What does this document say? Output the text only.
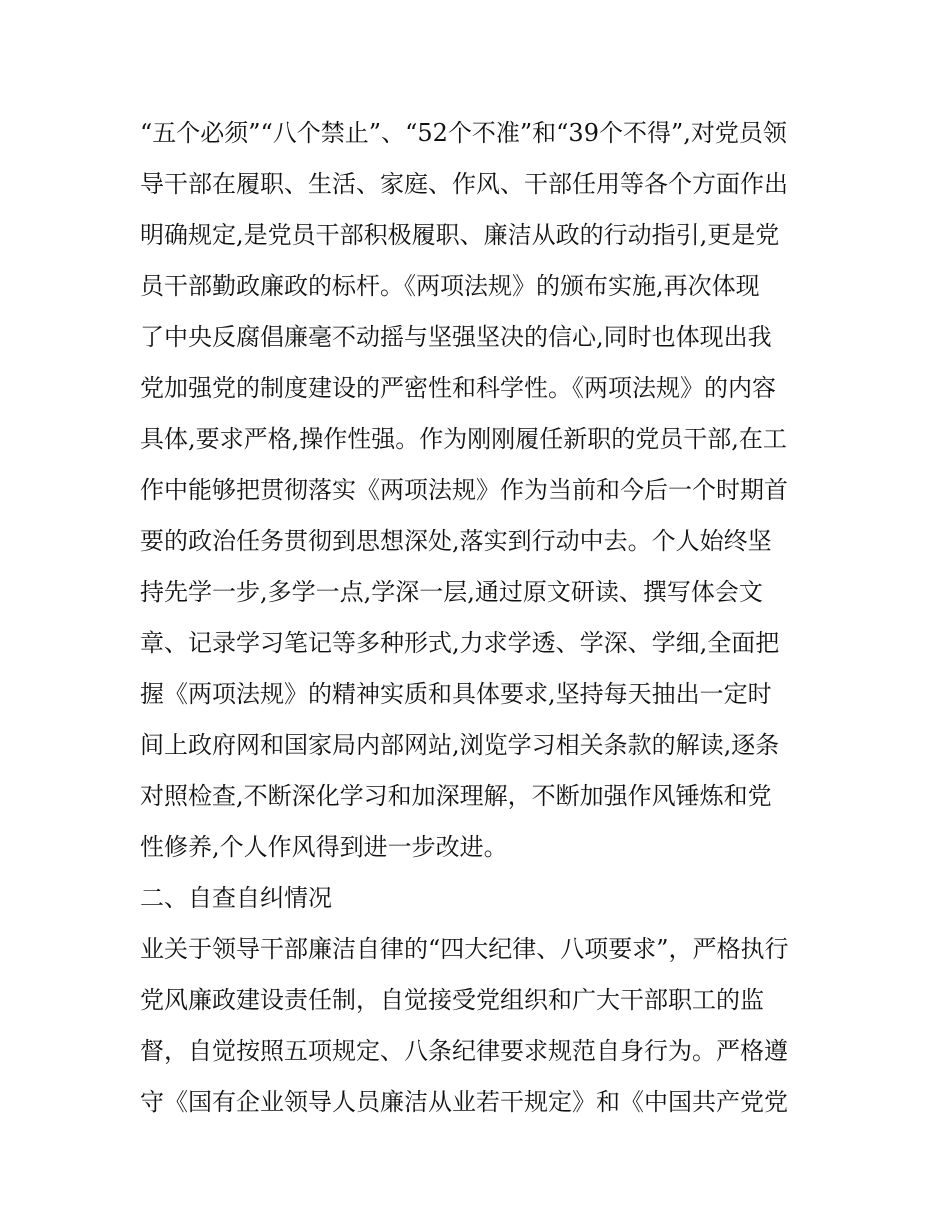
“五个必须”“八个禁止”、“52个不准”和“39个不得”,对党员领
导干部在履职、生活、家庭、作风、干部任用等各个方面作出
明确规定,是党员干部积极履职、廉洁从政的行动指引,更是党
员干部勤政廉政的标杆。《两项法规》的颁布实施,再次体现
了中央反腐倡廉毫不动摇与坚强坚决的信心,同时也体现出我
党加强党的制度建设的严密性和科学性。《两项法规》的内容
具体,要求严格,操作性强。作为刚刚履任新职的党员干部,在工
作中能够把贯彻落实《两项法规》作为当前和今后一个时期首
要的政治任务贯彻到思想深处,落实到行动中去。个人始终坚
持先学一步,多学一点,学深一层,通过原文研读、撰写体会文
章、记录学习笔记等多种形式,力求学透、学深、学细,全面把
握《两项法规》的精神实质和具体要求,坚持每天抽出一定时
间上政府网和国家局内部网站,浏览学习相关条款的解读,逐条
对照检查,不断深化学习和加深理解，不断加强作风锤炼和党
性修养,个人作风得到进一步改进。
二、自查自纠情况
业关于领导干部廉洁自律的“四大纪律、八项要求”，严格执行
党风廉政建设责任制，自觉接受党组织和广大干部职工的监
督，自觉按照五项规定、八条纪律要求规范自身行为。严格遵
守《国有企业领导人员廉洁从业若干规定》和《中国共产党党
